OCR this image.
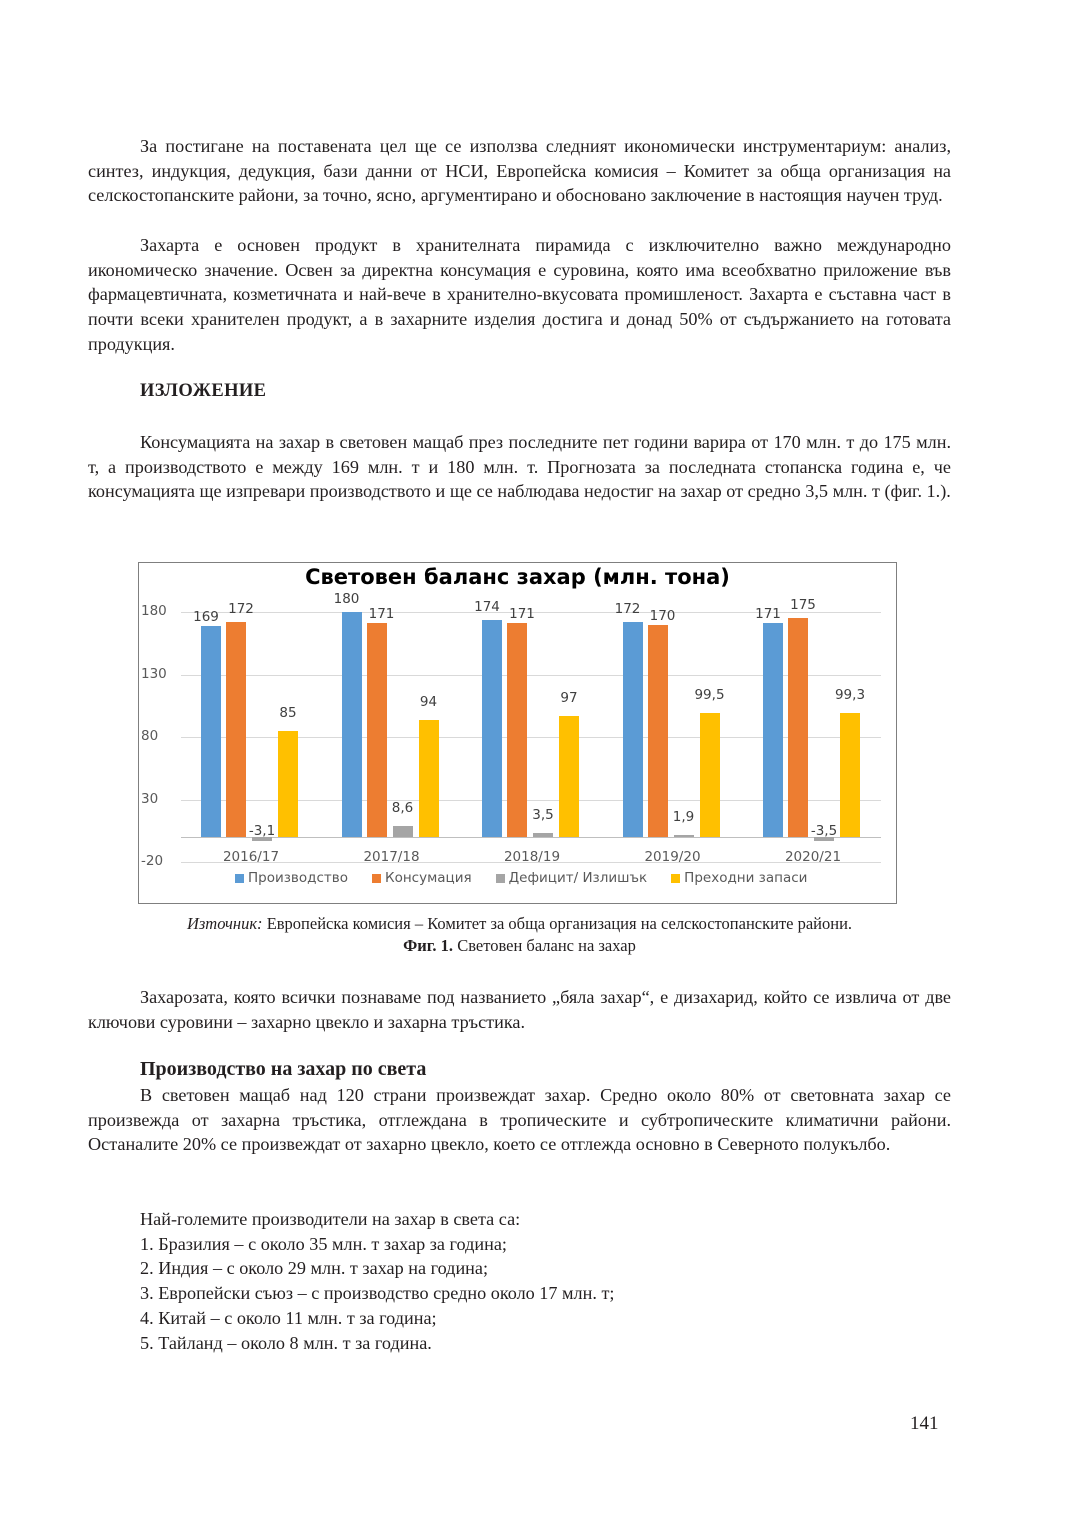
За постигане на поставената цел ще се използва следният икономически инструментариум: анализ, синтез, индукция, дедукция, бази данни от НСИ, Европейска комисия – Комитет за обща организация на селскостопанските райони, за точно, ясно, аргументирано и обосновано заключение в настоящия научен труд.

Захарта е основен продукт в хранителната пирамида с изключително важно международно икономическо значение. Освен за директна консумация е суровина, която има всеобхватно приложение във фармацевтичната, козметичната и най-вече в хранително-вкусовата промишленост. Захарта е съставна част в почти всеки хранителен продукт, а в захарните изделия достига и донад 50% от съдържанието на готовата продукция.

ИЗЛОЖЕНИЕ

Консумацията на захар в световен мащаб през последните пет години варира от 170 млн. т до 175 млн. т, а производството е между 169 млн. т и 180 млн. т. Прогнозата за последната стопанска година е, че консумацията ще изпревари производството и ще се наблюдава недостиг на захар от средно 3,5 млн. т (фиг. 1.).

Световен баланс захар (млн. тона)
180
130
80
30
-20
169 172
-3,1
85
2016/17
180
171
8,6
94
2017/18
174 171
3,5
97
2018/19
172 170
1,9
99,5
2019/20
171
175
-3,5
99,3
2020/21
Производство	Консумация	Дефицит/ Излишък	Преходни запаси
Източник: Европейска комисия – Комитет за обща организация на селскостопанските райони.
Фиг. 1. Световен баланс на захар

Захарозата, която всички познаваме под названието „бяла захар“, е дизахарид, който се извлича от две ключови суровини – захарно цвекло и захарна тръстика.

Производство на захар по света

В световен мащаб над 120 страни произвеждат захар. Средно около 80% от световната захар се произвежда от захарна тръстика, отглеждана в тропическите и субтропическите климатични райони. Останалите 20% се произвеждат от захарно цвекло, което се отглежда основно в Северното полукълбо.

Най-големите производители на захар в света са:
1. Бразилия – с около 35 млн. т захар за година;
2. Индия – с около 29 млн. т захар на година;
3. Европейски съюз – с производство средно около 17 млн. т;
4. Китай – с около 11 млн. т за година;
5. Тайланд – около 8 млн. т за година.
141
